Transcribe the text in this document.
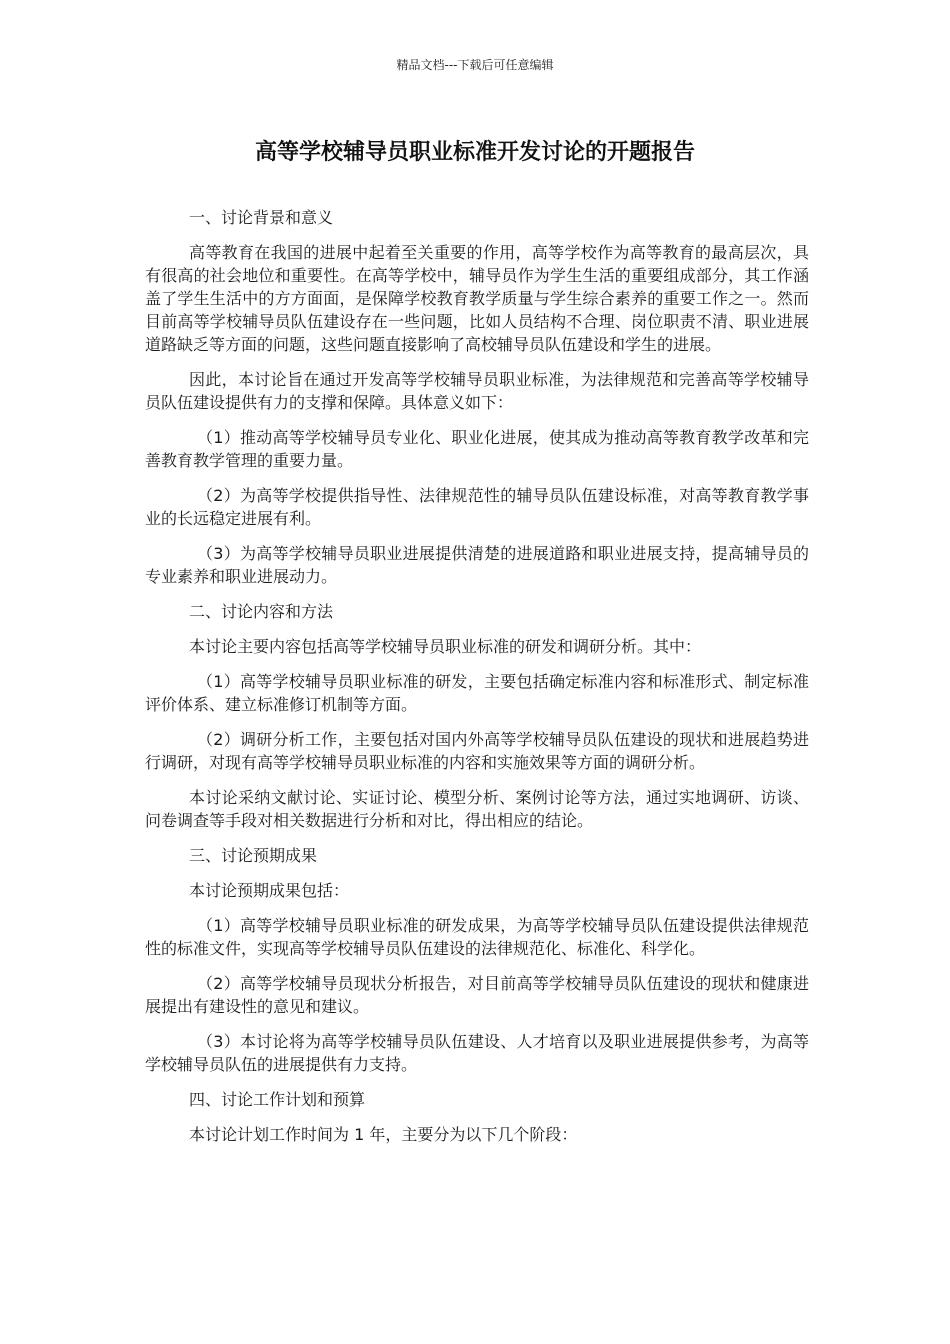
精品文档---下载后可任意编辑
高等学校辅导员职业标准开发讨论的开题报告

一、讨论背景和意义

高等教育在我国的进展中起着至关重要的作用，高等学校作为高等教育的最高层次，具有很高的社会地位和重要性。在高等学校中，辅导员作为学生生活的重要组成部分，其工作涵盖了学生生活中的方方面面，是保障学校教育教学质量与学生综合素养的重要工作之一。然而目前高等学校辅导员队伍建设存在一些问题，比如人员结构不合理、岗位职责不清、职业进展道路缺乏等方面的问题，这些问题直接影响了高校辅导员队伍建设和学生的进展。

因此，本讨论旨在通过开发高等学校辅导员职业标准，为法律规范和完善高等学校辅导员队伍建设提供有力的支撑和保障。具体意义如下：

（1）推动高等学校辅导员专业化、职业化进展，使其成为推动高等教育教学改革和完善教育教学管理的重要力量。

（2）为高等学校提供指导性、法律规范性的辅导员队伍建设标准，对高等教育教学事业的长远稳定进展有利。

（3）为高等学校辅导员职业进展提供清楚的进展道路和职业进展支持，提高辅导员的专业素养和职业进展动力。

二、讨论内容和方法

本讨论主要内容包括高等学校辅导员职业标准的研发和调研分析。其中：

（1）高等学校辅导员职业标准的研发，主要包括确定标准内容和标准形式、制定标准评价体系、建立标准修订机制等方面。

（2）调研分析工作，主要包括对国内外高等学校辅导员队伍建设的现状和进展趋势进行调研，对现有高等学校辅导员职业标准的内容和实施效果等方面的调研分析。

本讨论采纳文献讨论、实证讨论、模型分析、案例讨论等方法，通过实地调研、访谈、问卷调查等手段对相关数据进行分析和对比，得出相应的结论。

三、讨论预期成果

本讨论预期成果包括：

（1）高等学校辅导员职业标准的研发成果，为高等学校辅导员队伍建设提供法律规范性的标准文件，实现高等学校辅导员队伍建设的法律规范化、标准化、科学化。

（2）高等学校辅导员现状分析报告，对目前高等学校辅导员队伍建设的现状和健康进展提出有建设性的意见和建议。

（3）本讨论将为高等学校辅导员队伍建设、人才培育以及职业进展提供参考，为高等学校辅导员队伍的进展提供有力支持。

四、讨论工作计划和预算

本讨论计划工作时间为 1 年，主要分为以下几个阶段：
